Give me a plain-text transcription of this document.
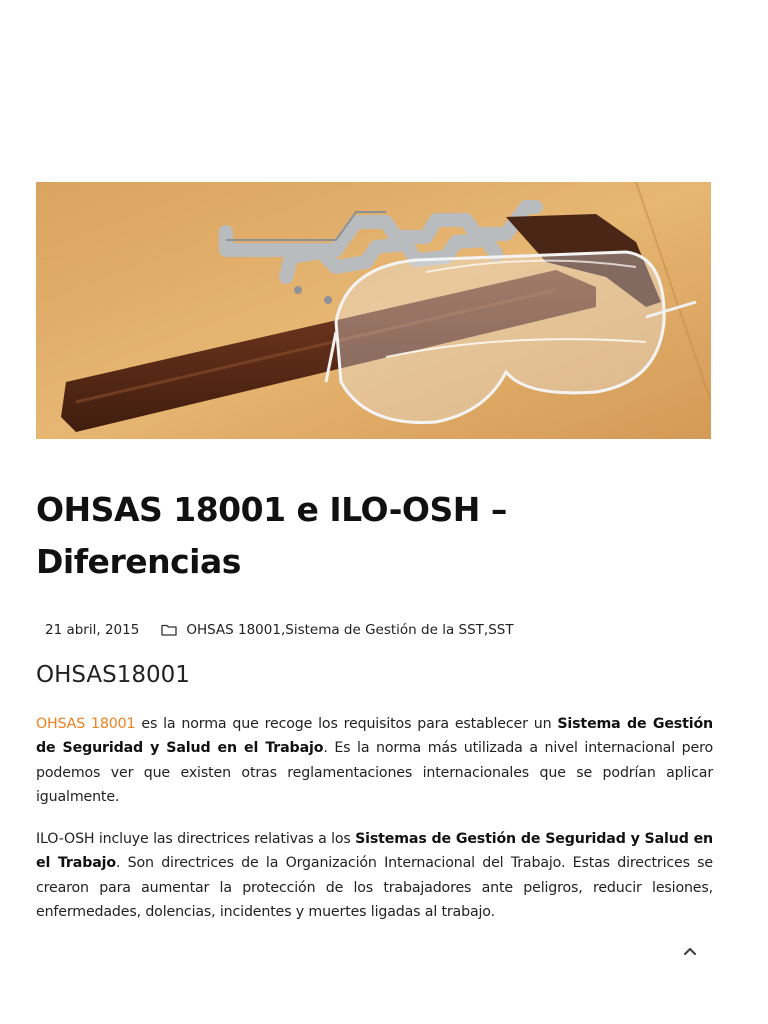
OHSAS 18001 e ILO-OSH – Diferencias
21 abril, 2015	OHSAS 18001 , Sistema de Gestión de la SST , SST
OHSAS18001

OHSAS 18001 es la norma que recoge los requisitos para establecer un Sistema de Gestión de Seguridad y Salud en el Trabajo. Es la norma más utilizada a nivel internacional pero podemos ver que existen otras reglamentaciones internacionales que se podrían aplicar igualmente.

ILO-OSH incluye las directrices relativas a los Sistemas de Gestión de Seguridad y Salud en el Trabajo. Son directrices de la Organización Internacional del Trabajo. Estas directrices se crearon para aumentar la protección de los trabajadores ante peligros, reducir lesiones, enfermedades, dolencias, incidentes y muertes ligadas al trabajo.
